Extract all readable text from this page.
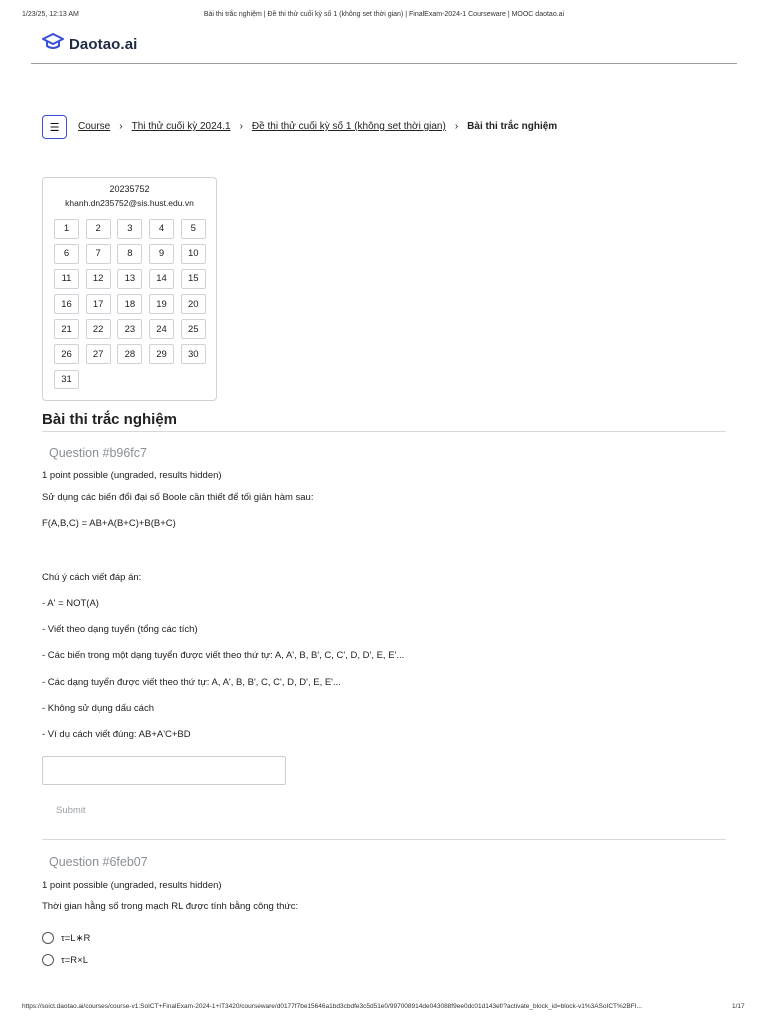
1/23/25, 12:13 AM	Bài thi trắc nghiệm | Đề thi thử cuối kỳ số 1 (không set thời gian) | FinalExam-2024-1 Courseware | MOOC daotao.ai
Daotao.ai
☰ Course › Thi thử cuối kỳ 2024.1 › Đề thi thử cuối kỳ số 1 (không set thời gian) › Bài thi trắc nghiệm
20235752
khanh.dn235752@sis.hust.edu.vn
1	2	3	4	5
6	7	8	9	10
11	12	13	14	15
16	17	18	19	20
21	22	23	24	25
26	27	28	29	30
31
Bài thi trắc nghiệm
Question #b96fc7
1 point possible (ungraded, results hidden)
Sử dụng các biến đổi đại số Boole cần thiết để tối giản hàm sau:
F(A,B,C) = AB+A(B+C)+B(B+C)
Chú ý cách viết đáp án:
- A' = NOT(A)
- Viết theo dạng tuyển (tổng các tích)
- Các biến trong một dạng tuyển được viết theo thứ tự: A, A', B, B', C, C', D, D', E, E'...
- Các dạng tuyển được viết theo thứ tự: A, A', B, B', C, C', D, D', E, E'...
- Không sử dụng dấu cách
- Ví dụ cách viết đúng: AB+A'C+BD
Submit
Question #6feb07
1 point possible (ungraded, results hidden)
Thời gian hằng số trong mạch RL được tính bằng công thức:
τ=L∗R
τ=R×L
https://soict.daotao.ai/courses/course-v1:SoICT+FinalExam-2024-1+IT3420/courseware/d0177f7be15646a1bd3cbdfe3c5d51e0/997008914de043088f9ee0dc01d143ef/?activate_block_id=block-v1%3ASoICT%2BFI...	1/17
